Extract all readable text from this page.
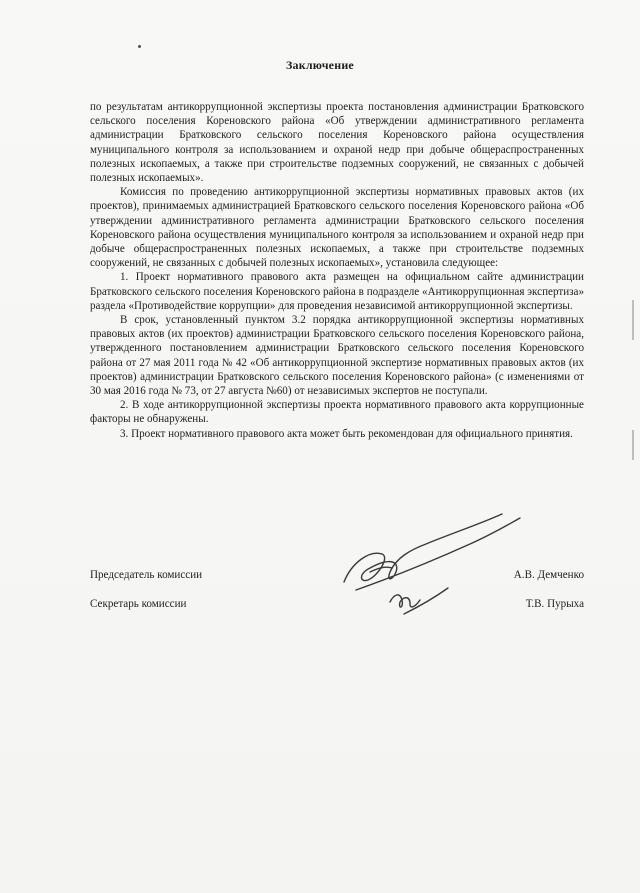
Заключение

по результатам антикоррупционной экспертизы проекта постановления администрации Братковского сельского поселения Кореновского района «Об утверждении административного регламента администрации Братковского сельского поселения Кореновского района осуществления муниципального контроля за использованием и охраной недр при добыче общераспространенных полезных ископаемых, а также при строительстве подземных сооружений, не связанных с добычей полезных ископаемых».

Комиссия по проведению антикоррупционной экспертизы нормативных правовых актов (их проектов), принимаемых администрацией Братковского сельского поселения Кореновского района «Об утверждении административного регламента администрации Братковского сельского поселения Кореновского района осуществления муниципального контроля за использованием и охраной недр при добыче общераспространенных полезных ископаемых, а также при строительстве подземных сооружений, не связанных с добычей полезных ископаемых», установила следующее:

1. Проект нормативного правового акта размещен на официальном сайте администрации Братковского сельского поселения Кореновского района в подразделе «Антикоррупционная экспертиза» раздела «Противодействие коррупции» для проведения независимой антикоррупционной экспертизы.

В срок, установленный пунктом 3.2 порядка антикоррупционной экспертизы нормативных правовых актов (их проектов) администрации Братковского сельского поселения Кореновского района, утвержденного постановлением администрации Братковского сельского поселения Кореновского района от 27 мая 2011 года № 42 «Об антикоррупционной экспертизе нормативных правовых актов (их проектов) администрации Братковского сельского поселения Кореновского района» (с изменениями от 30 мая 2016 года № 73, от 27 августа №60) от независимых экспертов не поступали.

2. В ходе антикоррупционной экспертизы проекта нормативного правового акта коррупционные факторы не обнаружены.

3. Проект нормативного правового акта может быть рекомендован для официального принятия.

Председатель комиссии	А.В. Демченко
Секретарь комиссии	Т.В. Пурыха
